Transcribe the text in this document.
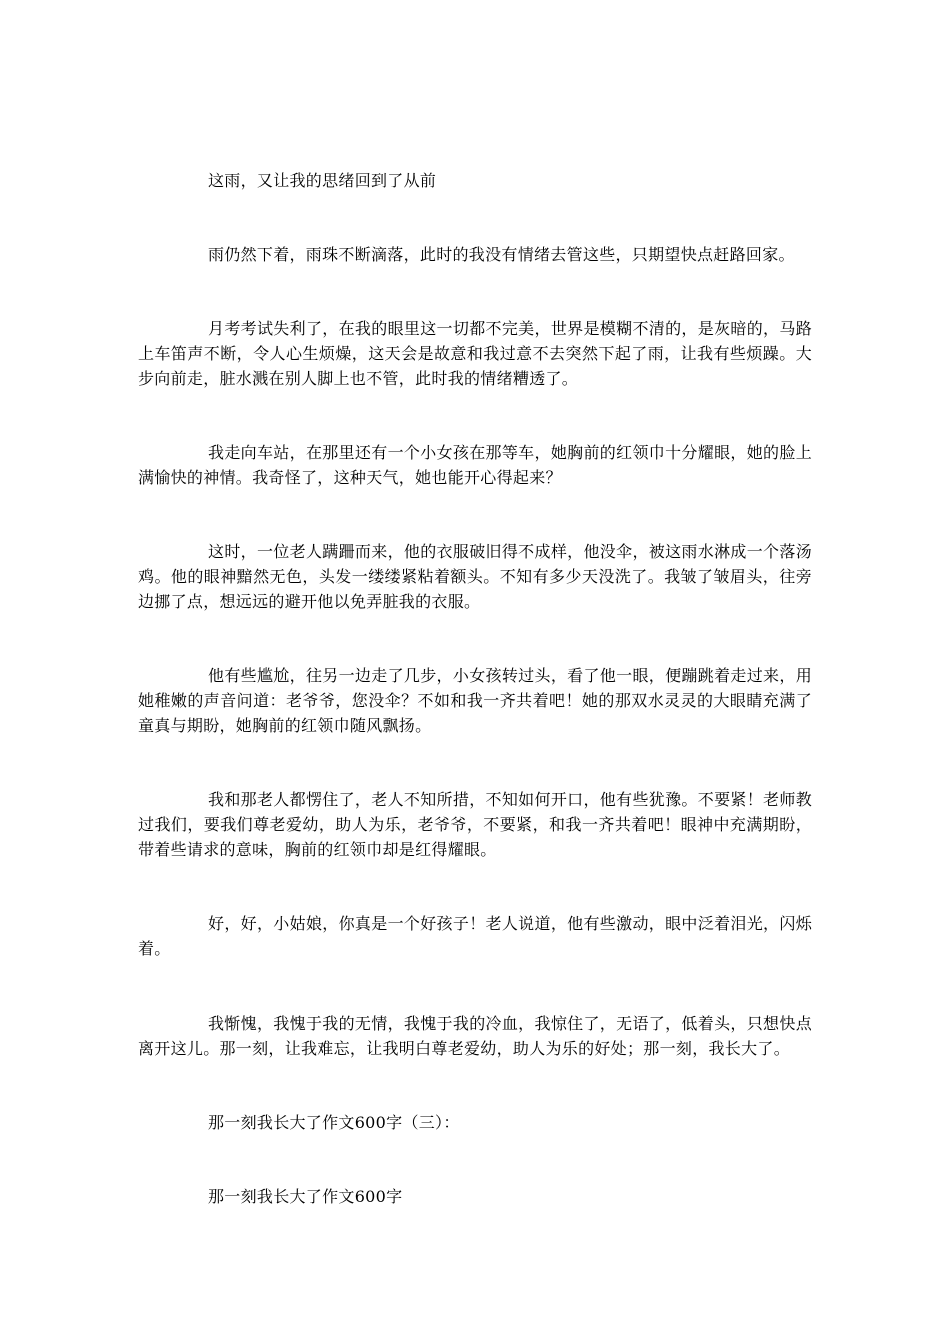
这雨，又让我的思绪回到了从前

雨仍然下着，雨珠不断滴落，此时的我没有情绪去管这些，只期望快点赶路回家。

月考考试失利了，在我的眼里这一切都不完美，世界是模糊不清的，是灰暗的，马路上车笛声不断，令人心生烦燥，这天会是故意和我过意不去突然下起了雨，让我有些烦躁。大步向前走，脏水溅在别人脚上也不管，此时我的情绪糟透了。

我走向车站，在那里还有一个小女孩在那等车，她胸前的红领巾十分耀眼，她的脸上满愉快的神情。我奇怪了，这种天气，她也能开心得起来？

这时，一位老人蹒跚而来，他的衣服破旧得不成样，他没伞，被这雨水淋成一个落汤鸡。他的眼神黯然无色，头发一缕缕紧粘着额头。不知有多少天没洗了。我皱了皱眉头，往旁边挪了点，想远远的避开他以免弄脏我的衣服。

他有些尴尬，往另一边走了几步，小女孩转过头，看了他一眼，便蹦跳着走过来，用她稚嫩的声音问道：老爷爷，您没伞？不如和我一齐共着吧！她的那双水灵灵的大眼睛充满了童真与期盼，她胸前的红领巾随风飘扬。

我和那老人都愣住了，老人不知所措，不知如何开口，他有些犹豫。不要紧！老师教过我们，要我们尊老爱幼，助人为乐，老爷爷，不要紧，和我一齐共着吧！眼神中充满期盼，带着些请求的意味，胸前的红领巾却是红得耀眼。

好，好，小姑娘，你真是一个好孩子！老人说道，他有些激动，眼中泛着泪光，闪烁着。

我惭愧，我愧于我的无情，我愧于我的冷血，我惊住了，无语了，低着头，只想快点离开这儿。那一刻，让我难忘，让我明白尊老爱幼，助人为乐的好处；那一刻，我长大了。

那一刻我长大了作文600字（三）：

那一刻我长大了作文600字
